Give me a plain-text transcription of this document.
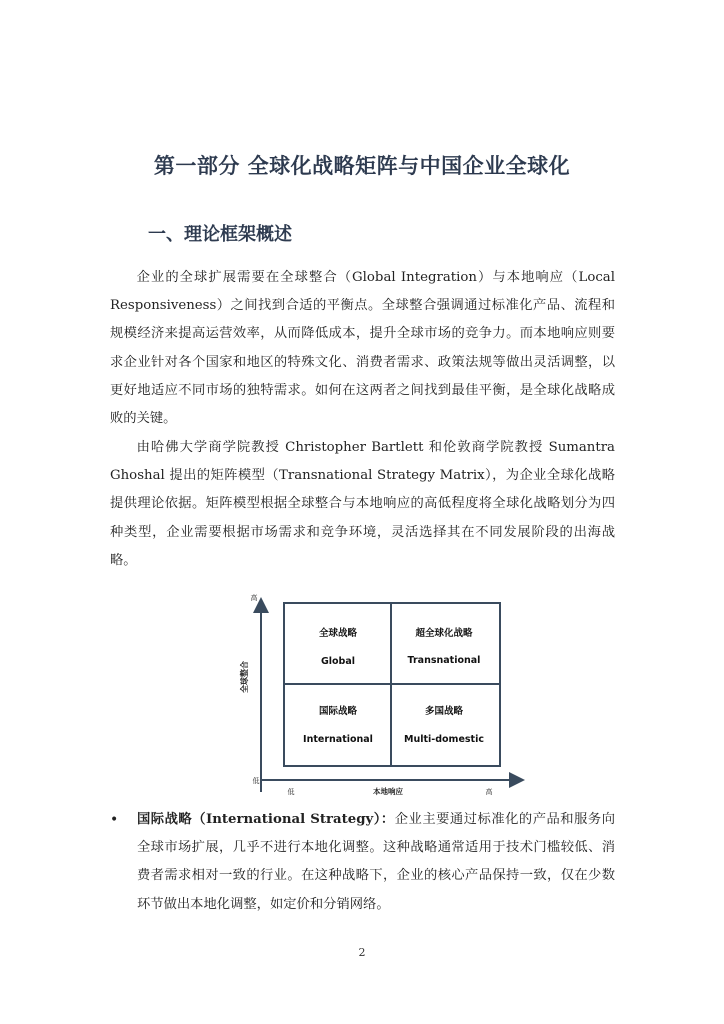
第一部分 全球化战略矩阵与中国企业全球化
一、理论框架概述

企业的全球扩展需要在全球整合（Global Integration）与本地响应（Local Responsiveness）之间找到合适的平衡点。全球整合强调通过标准化产品、流程和规模经济来提高运营效率，从而降低成本，提升全球市场的竞争力。而本地响应则要求企业针对各个国家和地区的特殊文化、消费者需求、政策法规等做出灵活调整，以更好地适应不同市场的独特需求。如何在这两者之间找到最佳平衡，是全球化战略成败的关键。

由哈佛大学商学院教授 Christopher Bartlett 和伦敦商学院教授 Sumantra Ghoshal 提出的矩阵模型（Transnational Strategy Matrix），为企业全球化战略提供理论依据。矩阵模型根据全球整合与本地响应的高低程度将全球化战略划分为四种类型，企业需要根据市场需求和竞争环境，灵活选择其在不同发展阶段的出海战略。

高
低
全球整合
低	本地响应	高
全球战略
Global
超全球化战略
Transnational
国际战略
International
多国战略
Multi-domestic
• 国际战略（International Strategy）：企业主要通过标准化的产品和服务向全球市场扩展，几乎不进行本地化调整。这种战略通常适用于技术门槛较低、消费者需求相对一致的行业。在这种战略下，企业的核心产品保持一致，仅在少数环节做出本地化调整，如定价和分销网络。
2
